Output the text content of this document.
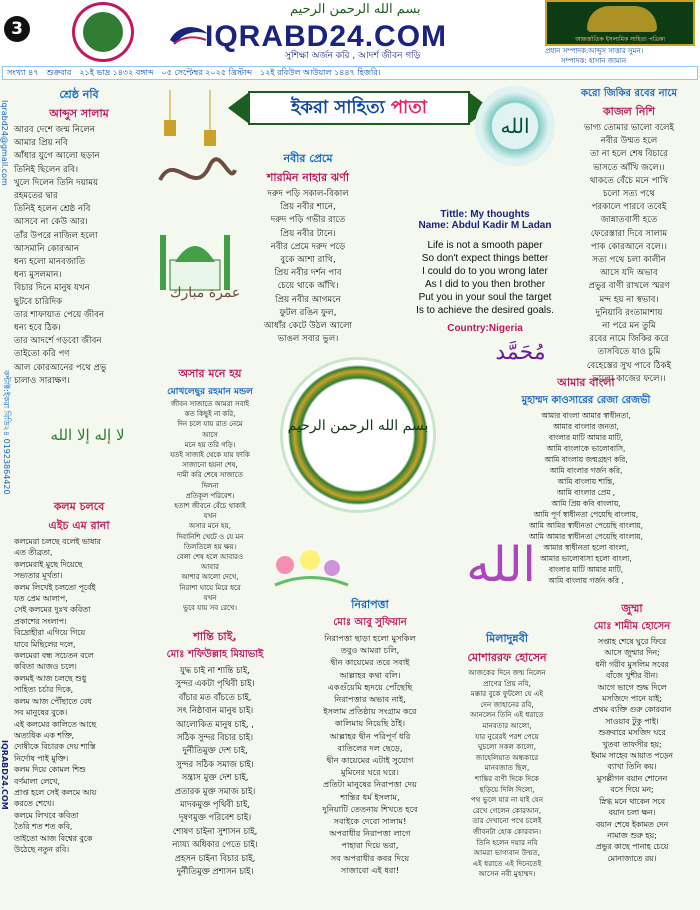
3
بسم الله الرحمن الرحيم
IQRABD24.COM
সুশিক্ষা অর্জন করি , আদর্শ জীবন গড়ি
আন্তর্জাতিক ইসলামিক সাহিত্য পত্রিকা
প্রধান সম্পাদক:আব্দুস সাত্তার সুমন।
সম্পাদক: হাসান জামান
সংখ্যা ৪৭ শুক্রবার ২১ই ভাদ্র ১৪৩২ বঙ্গাব্দ ০৫ সেপ্টেম্বর ২০২৫ খ্রিস্টাব্দ ১২ই রবিউল আউয়াল ১৪৪৭ হিজরি।
Iqrabd24@gmail.com
কন্টাক্ট:ইকরা বিডি২৪ 01923864420
IQRABD24.COM
শ্রেষ্ঠ নবি
আব্দুস সালাম

আরব দেশে জন্ম নিলেন
আমার প্রিয় নবি
আঁধার যুগে আলো ছড়ান
তিনিই ছিলেন রবি।
খুলে দিলেন তিনি দয়াময়
রহমতের দ্বার
তিনিই হলেন শ্রেষ্ঠ নবি
আসবে না কেউ আর।
তাঁর উপরে নাজিল হলো
আসমানি কোরআন
ধন্য হলো মানবজাতি
ধন্য মুসলমান।
বিচার দিনে মানুষ যখন
ছুটবে চারিদিক
তার শাফায়াত পেয়ে জীবন
ধন্য হবে ঠিক।
তার আদর্শে গড়বো জীবন
তাইতো করি পণ
আল কোরআনের পথে প্রভু
চালাও সারাক্ষণ।

ইকরা সাহিত্য পাতা
الله
নবীর প্রেমে
শারমিন নাহার ঝর্ণা

দরুদ পড়ি সকাল-বিকাল
প্রিয় নবীর শানে,
দরুদ পড়ি গভীর রাতে
প্রিয় নবীর টানে।
নবীর প্রেমে দরুদ পড়ে
বুকে আশা রাখি,
প্রিয় নবীর দর্শন পাব
চেয়ে থাকে আঁখি।
প্রিয় নবীর আগমনে
ফুটল রঙিন ফুল,
আধাঁর কেটে উঠল আলো
ভাঙল সবার ভুল।

عمرة مبارك
Tittle: My thoughts
Name: Abdul Kadir M Ladan

Life is not a smooth paper
So don't expect things better
I could do to you wrong later
As I did to you then brother
Put you in your soul the target
Is to achieve the desired goals.

Country:Nigeria
করো জিকির রবের নামে
কাজল নিশি

ভাগ্য তোমার ভালো বলেই
নবীর উম্মত হলে
তা না হলে শেষ বিচারে
ভাসতে আঁখি জলে।।
থাকতে বেঁচে মনে পাখি
চলো সত্য পথে
পরকালে পারবে তবেই
জান্নাতবাসী হতে
ফেরেস্তারা দিবে সালাম
পাক কোরআনে বলে।।
সত্য পথে চলা কালীন
আসে যদি অভাব
প্রভুর বাণী রাখলে স্মরণ
মন্দ হয় না স্বভাব।
দুনিয়াবি রংতামাশায়
না পরে মন তুমি
রবের নামে জিকির করে
তাসবিতে যাও চুমি
বেহেস্তের সুখ পাবে ঠিকই
ভালো কাজের ফলে।।

مُحَمَّد
অসার মনে হয়
মোখলেছুর রহমান মন্ডল

জীবন সাজাতে আমরা সবাই
কত কিছুই না করি,
দিন চলে যায় রাত নেমে
আসে
মনে হয় তরি গড়ি।
যতই সাজাই থেকে যায় ফাকি
সাজানো হয়না শেষ,
দামী করি শেষে সাজাতে
দিলনা
প্রতিকূল পরিবেশ।
হতাশ জীবনে বেঁচে থাকাই
যখন
অসার মনে হয়,
দিবানিশি খেটে ও যে মন
তিলতিলে হয় ক্ষয়।
বেলা শেষ হলে আবারও
আবার
আশার আলো দেখে,
নিরাশা ঘায়ে মিরে ধরে
যখন
ভুবে যায় সব রেখে।

بسم الله الرحمن الرحيم
আমার বাংলা
মুহাম্মদ কাওসারের রেজা রেজভী

আমার বাংলা আমার স্বাধীনতা,
আমার বাংলার জনতা,
বাংলার মাটি আমার মাটি,
আমি বাংলাকে ভালোবাসি,
আমি বাংলায় জন্মগ্রহণ করি,
আমি বাংলার গর্জন করি,
আমি বাংলায় শান্তি,
আমি বাংলার প্রেম ,
আমি প্রিয় কবি বাংলায়,
আমি পূর্ণ স্বাধীনতা পেয়েছি বাংলায়,
আমি আমির স্বাধীনতা পেয়েছি বাংলায়,
আমি আমার স্বাধীনতা পেয়েছি বাংলায়,
আমার স্বাধীনতা হলো বাংলা,
আমার ভালোবাসা হলো বাংলা,
বাংলার মাটি আমার মাটি,
আমি বাংলায় গর্জন করি ,

لا إله إلا الله
কলম চলবে
এইচ এম রানা

কলমেরা চলছে বলেই ভাষার
এত তীব্রতা,
কলমেরাই মুছে দিয়েছে
সভ্যতার মূর্খতা।
কলম লিখেই চলতো পূর্বেই
যত প্রেম আলাপ,
সেই কলমের দুঃখ কবিতা
প্রকাশের সংলাপ।
বিদ্রোহীরা এগিয়ে গিয়ে
যাবে মিছিলের দলে,
কলমেরা বন্ধ সচেতন বলে
কবিতা আজও চলে।
কলমই আজ চলছে শুধু
সাহিত্য চর্চার দিকে,
কলম আজ পৌঁছাতে বেধ
সব মানুষের বুকে।
এই কলমের কালিতে আছে
অত্যধিক এক শক্তি,
দোষীকে বিচারক দেয় শাস্তি
নির্দোষ পাই মুক্তি।
কলম দিয়ে কোমল শিশু
বর্ণমালা লেখে,
প্রাপ্ত হলে সেই কলমে আয়
করতে শেখে।
কলমে লিখবে কবিতা
তৈরি শত শত কবি,
তাইতো আজ বিশ্বের বুকে
উঠেছে নতুন রবি।

الله
শান্তি চাই,
মোঃ শফিউল্লাহ মিয়াভাই

যুদ্ধ চাই না শান্তি চাই,
সুন্দর একটা পৃথিবী চাই।
বাঁচার মত বাঁচতে চাই,
সৎ নিষ্ঠাবান মানুষ চাই।
আলোকিত মানুষ চাই, ,
সঠিক সুন্দর বিচার চাই।
দুর্নীতিমুক্ত দেশ চাই,
সুন্দর সঠিক সমাজ চাই।
সন্ত্রাস মুক্ত দেশ চাই,
প্রতারক মুক্ত সমাজ চাই।
মাদকমুক্ত পৃথিবী চাই,
দূষণমুক্ত পরিবেশ চাই।
শোষণ চাইনা সুশাসন চাই,
ন্যায্য অধিকার পেতে চাই।
প্রহসন চাইনা বিচার চাই,
দুর্নীতিমুক্ত প্রশাসন চাই।

নিরাপত্তা
মোঃ আবু সুফিয়ান

নিরাপত্তা ছাড়া হলো মুসকিল
তবুও আমরা চলি,
দ্বীন কায়েমের তরে সবাই
আল্লাহর কথা বলি।
একগুঁয়েমি হৃদয়ে পোঁছেছি
নিরাপত্তার অভাব নাই,
ইসলাম প্রতিষ্ঠায় সংগ্রাম করে
কালিমায় নিয়েছি ঠাঁই।
আল্লাহর দ্বীন পরিপূর্ণ ধরি
বাতিলের দল ছেড়ে,
দ্বীন কায়েমের এটাই সুযোগ
মুমিনের ঘরে ঘরে।
প্রতিটা মানুষের নিরাপত্তা দেয়
শান্তির ধর্ম ইসলাম,
দুনিয়াটি তেতনায় শিখতে হবে
সবাইকে দেবো সালাম!
অপরাধীর নিরাপত্তা লাগে
পাহারা দিয়ে ভরা,
সব অপরাধীর কবর দিয়ে
সাজাবো এই ধরা!

মিলাদুন্নবী
মোশাররফ হোসেন

আজকের দিনে জন্ম নিলেন
প্রাণের প্রিয় নবি,
মক্কার বুকে ফুটলো যে এই
দেন জাহানের রবি,
আনলেন তিনি এই ধরাতে
মানবতার আলো,
যার নুরেরই পরশ পেয়ে
ঘুচলো সকল কালো,
জাহেলিয়াত অন্ধকারে
মানবজাত ছিল,
শান্তির বাণী দিকে দিকে
ছড়িয়ে দিলি দিলো,
পথ ভুলে যার না যাই যেন
রেখে গেলেন কোরআন,
তার দেখানো পথে চলেই
জীবনটা হোক কোরবান।
তিনি হলেন দয়ার নবি
আমরা ভাগ্যবান উম্মত,
এই ধরাতে এই দিনেতেই
আসেন নবী মুহাম্মদ।

জুম্মা
মোঃ শামীম হোসেন

সপ্তাহ শেষে ঘুরে ফিরে
আসে জুম্মার দিন;
ধনী গরীব মুসলিম সবের
বাঁজে খুশীর বীন।
আগে ভাগে শুদ্ধ দিলে
মসজিদে পানে যাই;
প্রথম ব্যক্তি গুরু কোরবান
সাওয়াব টুকু পাই।
শুক্রবারে মসজিদ ঘরে
খুতবা তাফসীর হয়;
ইমাম সাহেব আয়াত পড়েন
ব্যাখা তিনি কয়।
মুসল্লীগন বয়ান শোনেন
বসে দিয়ে মন;
স্নিগ্ধ মনে থাকেন সবে
বয়ান চলা ক্ষন।
বয়ান শেষে ইকামত দেন
নামাজ শুরু হয়;
প্রভুর কাছে পানাহ চেয়ে
মোনাজাতে রয়।
